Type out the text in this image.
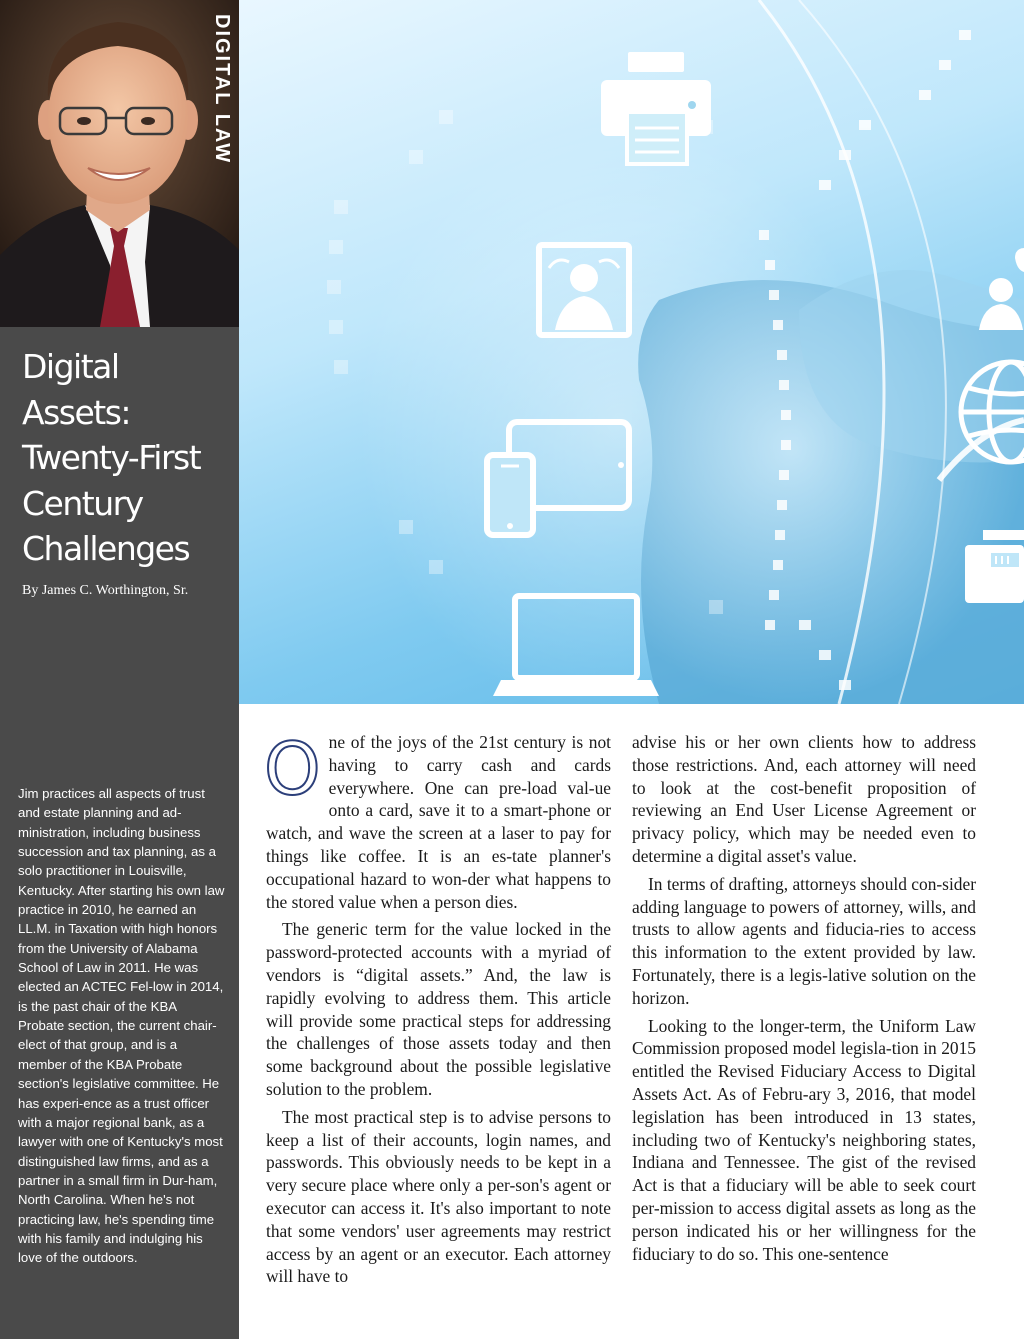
DIGITAL LAW
Digital
Assets:
Twenty-First
Century
Challenges
By James C. Worthington, Sr.

Jim practices all aspects of trust and estate planning and ad-ministration, including business succession and tax planning, as a solo practitioner in Louisville, Kentucky. After starting his own law practice in 2010, he earned an LL.M. in Taxation with high honors from the University of Alabama School of Law in 2011. He was elected an ACTEC Fel-low in 2014, is the past chair of the KBA Probate section, the current chair-elect of that group, and is a member of the KBA Probate section's legislative committee. He has experi-ence as a trust officer with a major regional bank, as a lawyer with one of Kentucky's most distinguished law firms, and as a partner in a small firm in Dur-ham, North Carolina. When he's not practicing law, he's spending time with his family and indulging his love of the outdoors.

One of the joys of the 21st century is not having to carry cash and cards everywhere. One can pre-load val-ue onto a card, save it to a smart-phone or watch, and wave the screen at a laser to pay for things like coffee. It is an es-tate planner's occupational hazard to won-der what happens to the stored value when a person dies.

The generic term for the value locked in the password-protected accounts with a myriad of vendors is “digital assets.” And, the law is rapidly evolving to address them. This article will provide some practical steps for addressing the challenges of those assets today and then some background about the possible legislative solution to the problem.

The most practical step is to advise persons to keep a list of their accounts, login names, and passwords. This obviously needs to be kept in a very secure place where only a per-son's agent or executor can access it. It's also important to note that some vendors' user agreements may restrict access by an agent or an executor. Each attorney will have to

advise his or her own clients how to address those restrictions. And, each attorney will need to look at the cost-benefit proposition of reviewing an End User License Agreement or privacy policy, which may be needed even to determine a digital asset's value.

In terms of drafting, attorneys should con-sider adding language to powers of attorney, wills, and trusts to allow agents and fiducia-ries to access this information to the extent provided by law. Fortunately, there is a legis-lative solution on the horizon.

Looking to the longer-term, the Uniform Law Commission proposed model legisla-tion in 2015 entitled the Revised Fiduciary Access to Digital Assets Act. As of Febru-ary 3, 2016, that model legislation has been introduced in 13 states, including two of Kentucky's neighboring states, Indiana and Tennessee. The gist of the revised Act is that a fiduciary will be able to seek court per-mission to access digital assets as long as the person indicated his or her willingness for the fiduciary to do so. This one-sentence
